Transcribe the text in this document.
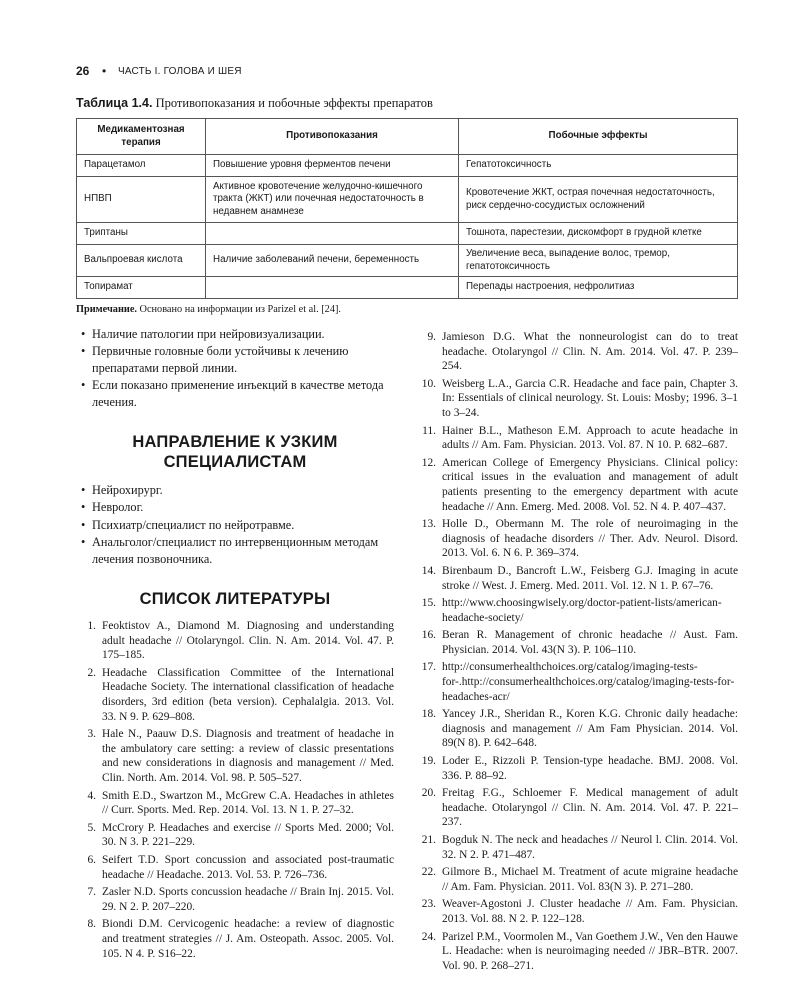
26 • ЧАСТЬ I. ГОЛОВА И ШЕЯ
Таблица 1.4. Противопоказания и побочные эффекты препаратов
Медикаментозная терапия	Противопоказания	Побочные эффекты
Парацетамол	Повышение уровня ферментов печени	Гепатотоксичность
НПВП	Активное кровотечение желудочно-кишечного тракта (ЖКТ) или почечная недостаточность в недавнем анамнезе	Кровотечение ЖКТ, острая почечная недостаточность, риск сердечно-сосудистых осложнений
Триптаны		Тошнота, парестезии, дискомфорт в грудной клетке
Вальпроевая кислота	Наличие заболеваний печени, беременность	Увеличение веса, выпадение волос, тремор, гепатотоксичность
Топирамат		Перепады настроения, нефролитиаз
Примечание. Основано на информации из Parizel et al. [24].
• Наличие патологии при нейровизуализации.
• Первичные головные боли устойчивы к лечению препаратами первой линии.
• Если показано применение инъекций в качестве метода лечения.
НАПРАВЛЕНИЕ К УЗКИМ СПЕЦИАЛИСТАМ
• Нейрохирург.
• Невролог.
• Психиатр/специалист по нейротравме.
• Анальголог/специалист по интервенционным методам лечения позвоночника.
СПИСОК ЛИТЕРАТУРЫ
1. Feoktistov A., Diamond M. Diagnosing and understanding adult headache // Otolaryngol. Clin. N. Am. 2014. Vol. 47. P. 175–185.
2. Headache Classification Committee of the International Headache Society. The international classification of headache disorders, 3rd edition (beta version). Cephalalgia. 2013. Vol. 33. N 9. P. 629–808.
3. Hale N., Paauw D.S. Diagnosis and treatment of headache in the ambulatory care setting: a review of classic presentations and new considerations in diagnosis and management // Med. Clin. North. Am. 2014. Vol. 98. P. 505–527.
4. Smith E.D., Swartzon M., McGrew C.A. Headaches in athletes // Curr. Sports. Med. Rep. 2014. Vol. 13. N 1. P. 27–32.
5. McCrory P. Headaches and exercise // Sports Med. 2000; Vol. 30. N 3. P. 221–229.
6. Seifert T.D. Sport concussion and associated post-traumatic headache // Headache. 2013. Vol. 53. P. 726–736.
7. Zasler N.D. Sports concussion headache // Brain Inj. 2015. Vol. 29. N 2. P. 207–220.
8. Biondi D.M. Cervicogenic headache: a review of diagnostic and treatment strategies // J. Am. Osteopath. Assoc. 2005. Vol. 105. N 4. P. S16–22.
9. Jamieson D.G. What the nonneurologist can do to treat headache. Otolaryngol // Clin. N. Am. 2014. Vol. 47. P. 239–254.
10. Weisberg L.A., Garcia C.R. Headache and face pain, Chapter 3. In: Essentials of clinical neurology. St. Louis: Mosby; 1996. 3–1 to 3–24.
11. Hainer B.L., Matheson E.M. Approach to acute headache in adults // Am. Fam. Physician. 2013. Vol. 87. N 10. P. 682–687.
12. American College of Emergency Physicians. Clinical policy: critical issues in the evaluation and management of adult patients presenting to the emergency department with acute headache // Ann. Emerg. Med. 2008. Vol. 52. N 4. P. 407–437.
13. Holle D., Obermann M. The role of neuroimaging in the diagnosis of headache disorders // Ther. Adv. Neurol. Disord. 2013. Vol. 6. N 6. P. 369–374.
14. Birenbaum D., Bancroft L.W., Feisberg G.J. Imaging in acute stroke // West. J. Emerg. Med. 2011. Vol. 12. N 1. P. 67–76.
15. http://www.choosingwisely.org/doctor-patient-lists/american-headache-society/
16. Beran R. Management of chronic headache // Aust. Fam. Physician. 2014. Vol. 43(N 3). P. 106–110.
17. http://consumerhealthchoices.org/catalog/imaging-tests-for-.http://consumerhealthchoices.org/catalog/imaging-tests-for-headaches-acr/
18. Yancey J.R., Sheridan R., Koren K.G. Chronic daily headache: diagnosis and management // Am Fam Physician. 2014. Vol. 89(N 8). P. 642–648.
19. Loder E., Rizzoli P. Tension-type headache. BMJ. 2008. Vol. 336. P. 88–92.
20. Freitag F.G., Schloemer F. Medical management of adult headache. Otolaryngol // Clin. N. Am. 2014. Vol. 47. P. 221–237.
21. Bogduk N. The neck and headaches // Neurol l. Clin. 2014. Vol. 32. N 2. P. 471–487.
22. Gilmore B., Michael M. Treatment of acute migraine headache // Am. Fam. Physician. 2011. Vol. 83(N 3). P. 271–280.
23. Weaver-Agostoni J. Cluster headache // Am. Fam. Physician. 2013. Vol. 88. N 2. P. 122–128.
24. Parizel P.M., Voormolen M., Van Goethem J.W., Ven den Hauwe L. Headache: when is neuroimaging needed // JBR–BTR. 2007. Vol. 90. P. 268–271.
